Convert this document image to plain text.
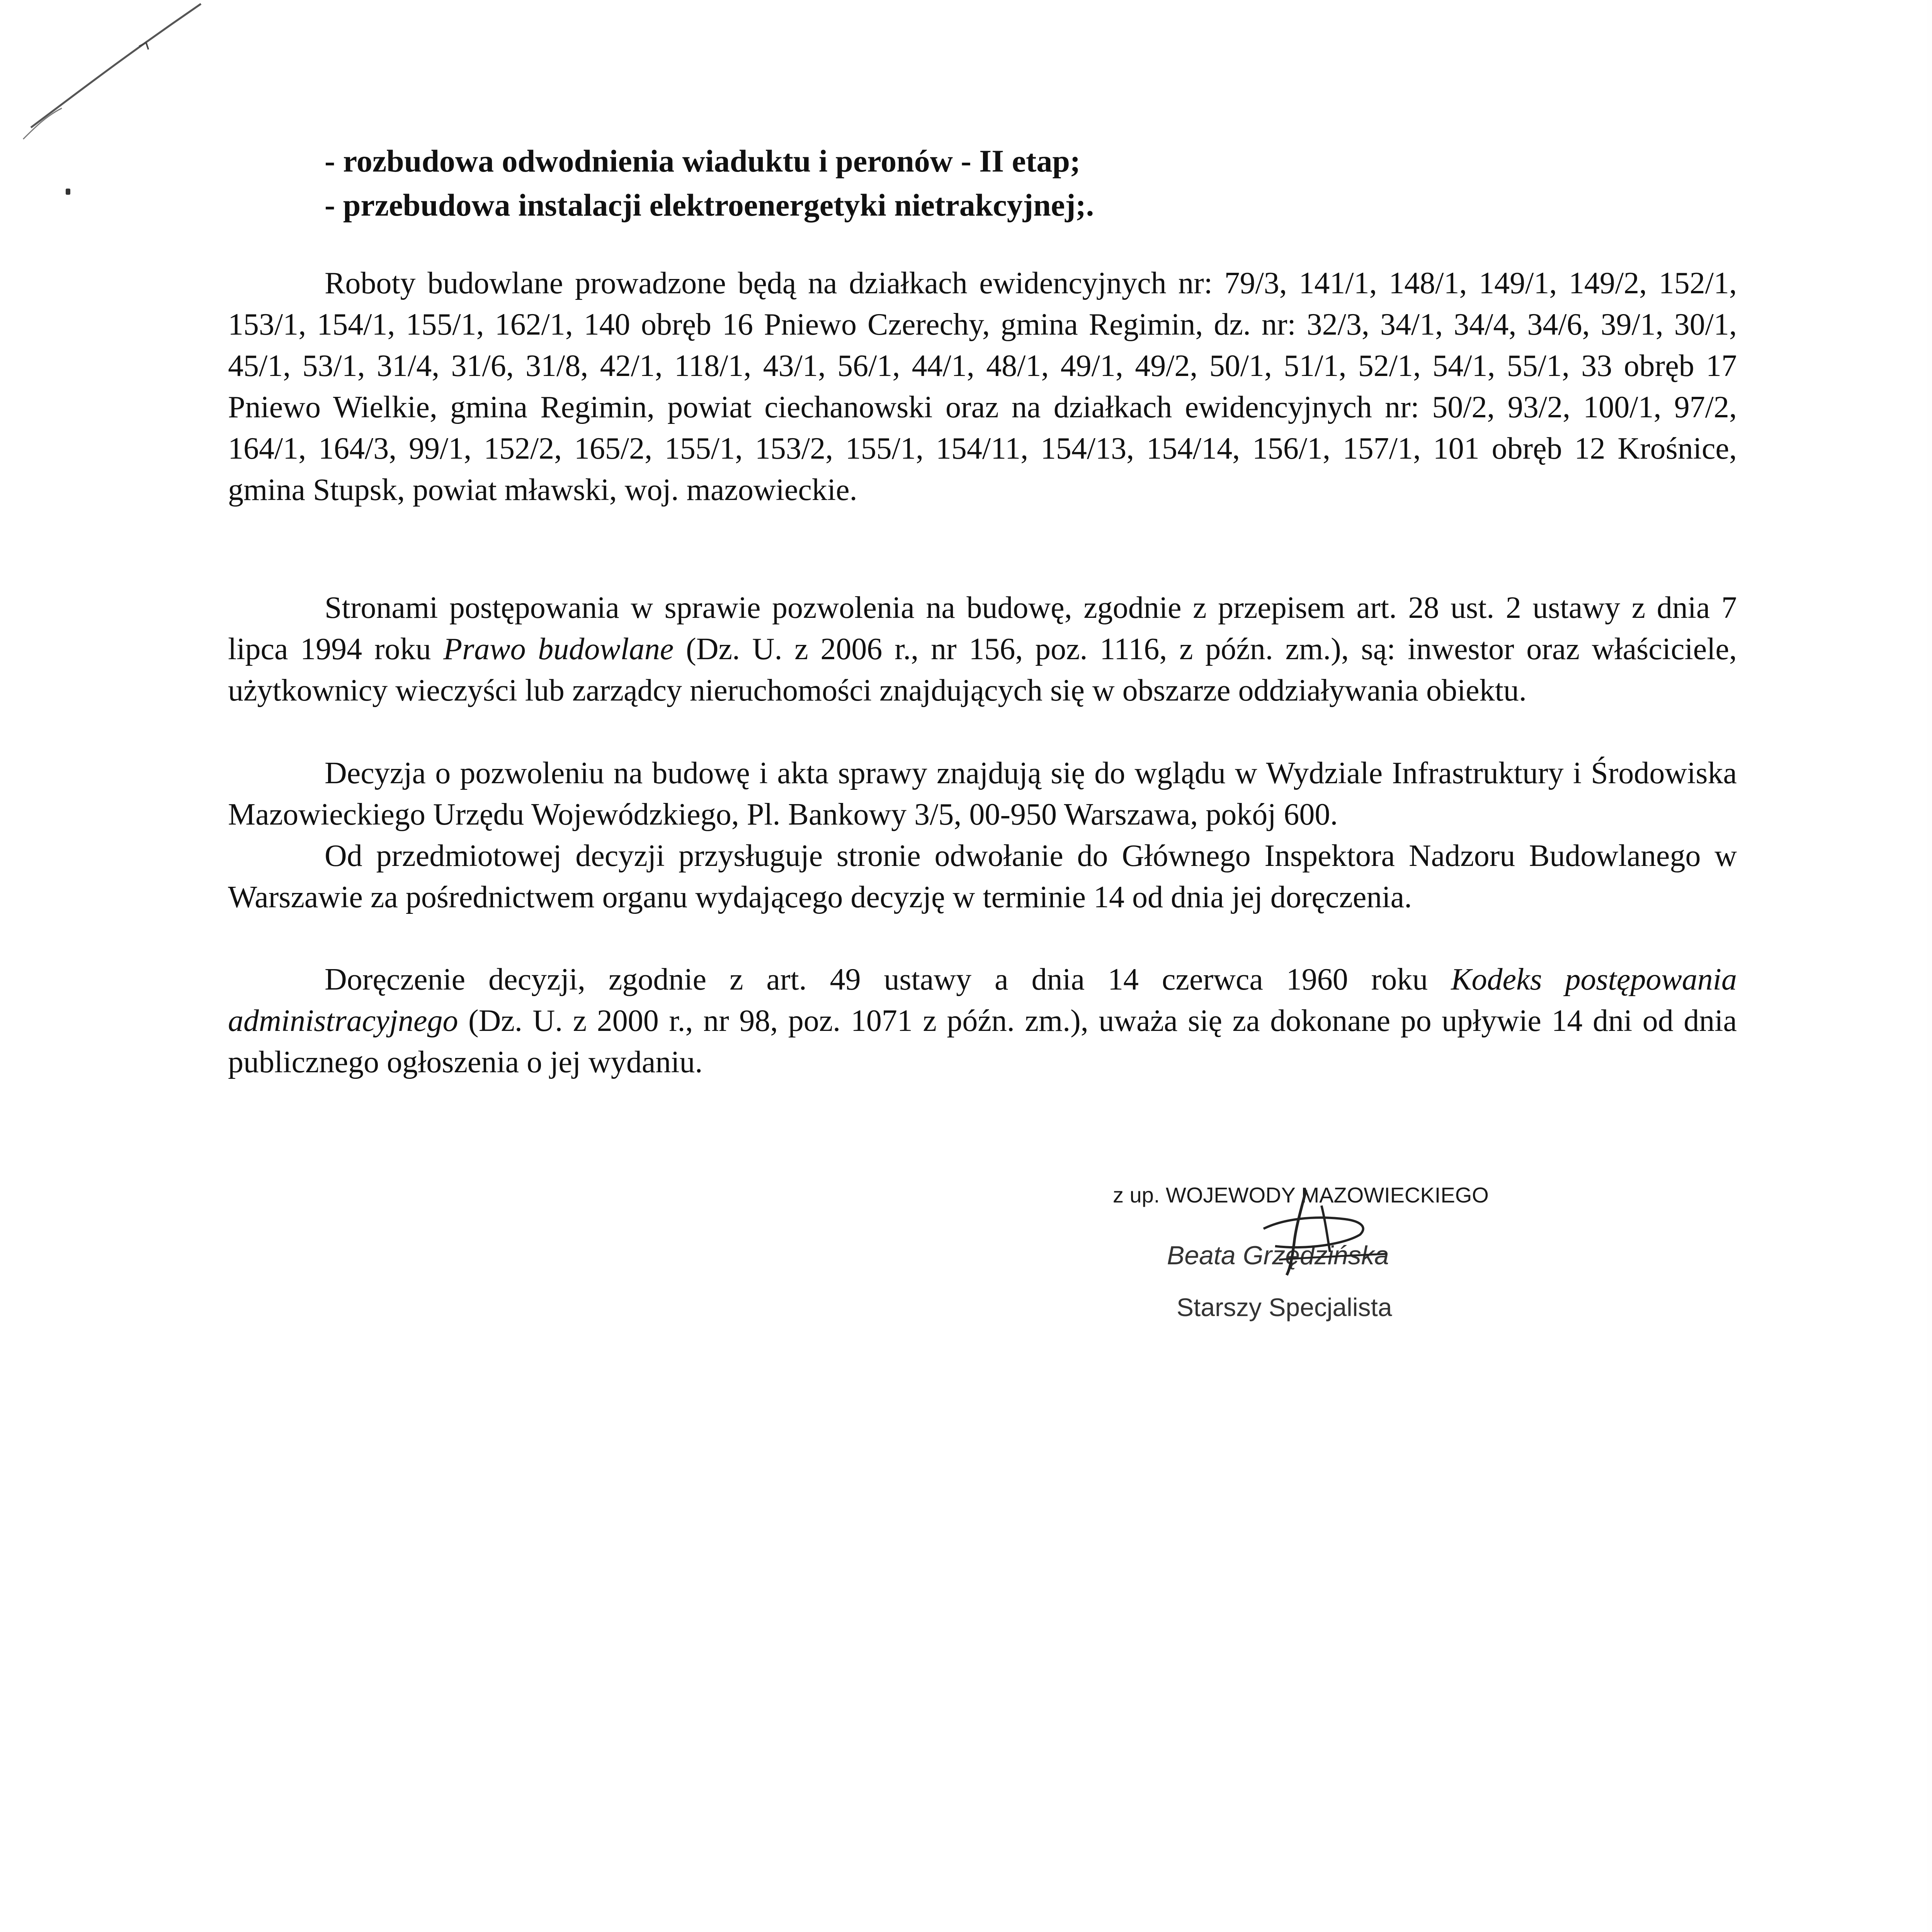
- rozbudowa odwodnienia wiaduktu i peronów - II etap;
- przebudowa instalacji elektroenergetyki nietrakcyjnej;.

Roboty budowlane prowadzone będą na działkach ewidencyjnych nr: 79/3, 141/1, 148/1, 149/1, 149/2, 152/1, 153/1, 154/1, 155/1, 162/1, 140 obręb 16 Pniewo Czerechy, gmina Regimin, dz. nr: 32/3, 34/1, 34/4, 34/6, 39/1, 30/1, 45/1, 53/1, 31/4, 31/6, 31/8, 42/1, 118/1, 43/1, 56/1, 44/1, 48/1, 49/1, 49/2, 50/1, 51/1, 52/1, 54/1, 55/1, 33 obręb 17 Pniewo Wielkie, gmina Regimin, powiat ciechanowski oraz na działkach ewidencyjnych nr: 50/2, 93/2, 100/1, 97/2, 164/1, 164/3, 99/1, 152/2, 165/2, 155/1, 153/2, 155/1, 154/11, 154/13, 154/14, 156/1, 157/1, 101 obręb 12 Krośnice, gmina Stupsk, powiat mławski, woj. mazowieckie.

Stronami postępowania w sprawie pozwolenia na budowę, zgodnie z przepisem art. 28 ust. 2 ustawy z dnia 7 lipca 1994 roku Prawo budowlane (Dz. U. z 2006 r., nr 156, poz. 1116, z późn. zm.), są: inwestor oraz właściciele, użytkownicy wieczyści lub zarządcy nieruchomości znajdujących się w obszarze oddziaływania obiektu.

Decyzja o pozwoleniu na budowę i akta sprawy znajdują się do wglądu w Wydziale Infrastruktury i Środowiska Mazowieckiego Urzędu Wojewódzkiego, Pl. Bankowy 3/5, 00-950 Warszawa, pokój 600.

Od przedmiotowej decyzji przysługuje stronie odwołanie do Głównego Inspektora Nadzoru Budowlanego w Warszawie za pośrednictwem organu wydającego decyzję w terminie 14 od dnia jej doręczenia.

Doręczenie decyzji, zgodnie z art. 49 ustawy a dnia 14 czerwca 1960 roku Kodeks postępowania administracyjnego (Dz. U. z 2000 r., nr 98, poz. 1071 z późn. zm.), uważa się za dokonane po upływie 14 dni od dnia publicznego ogłoszenia o jej wydaniu.

z up. WOJEWODY MAZOWIECKIEGO
Beata Grzędzińska
Starszy Specjalista
